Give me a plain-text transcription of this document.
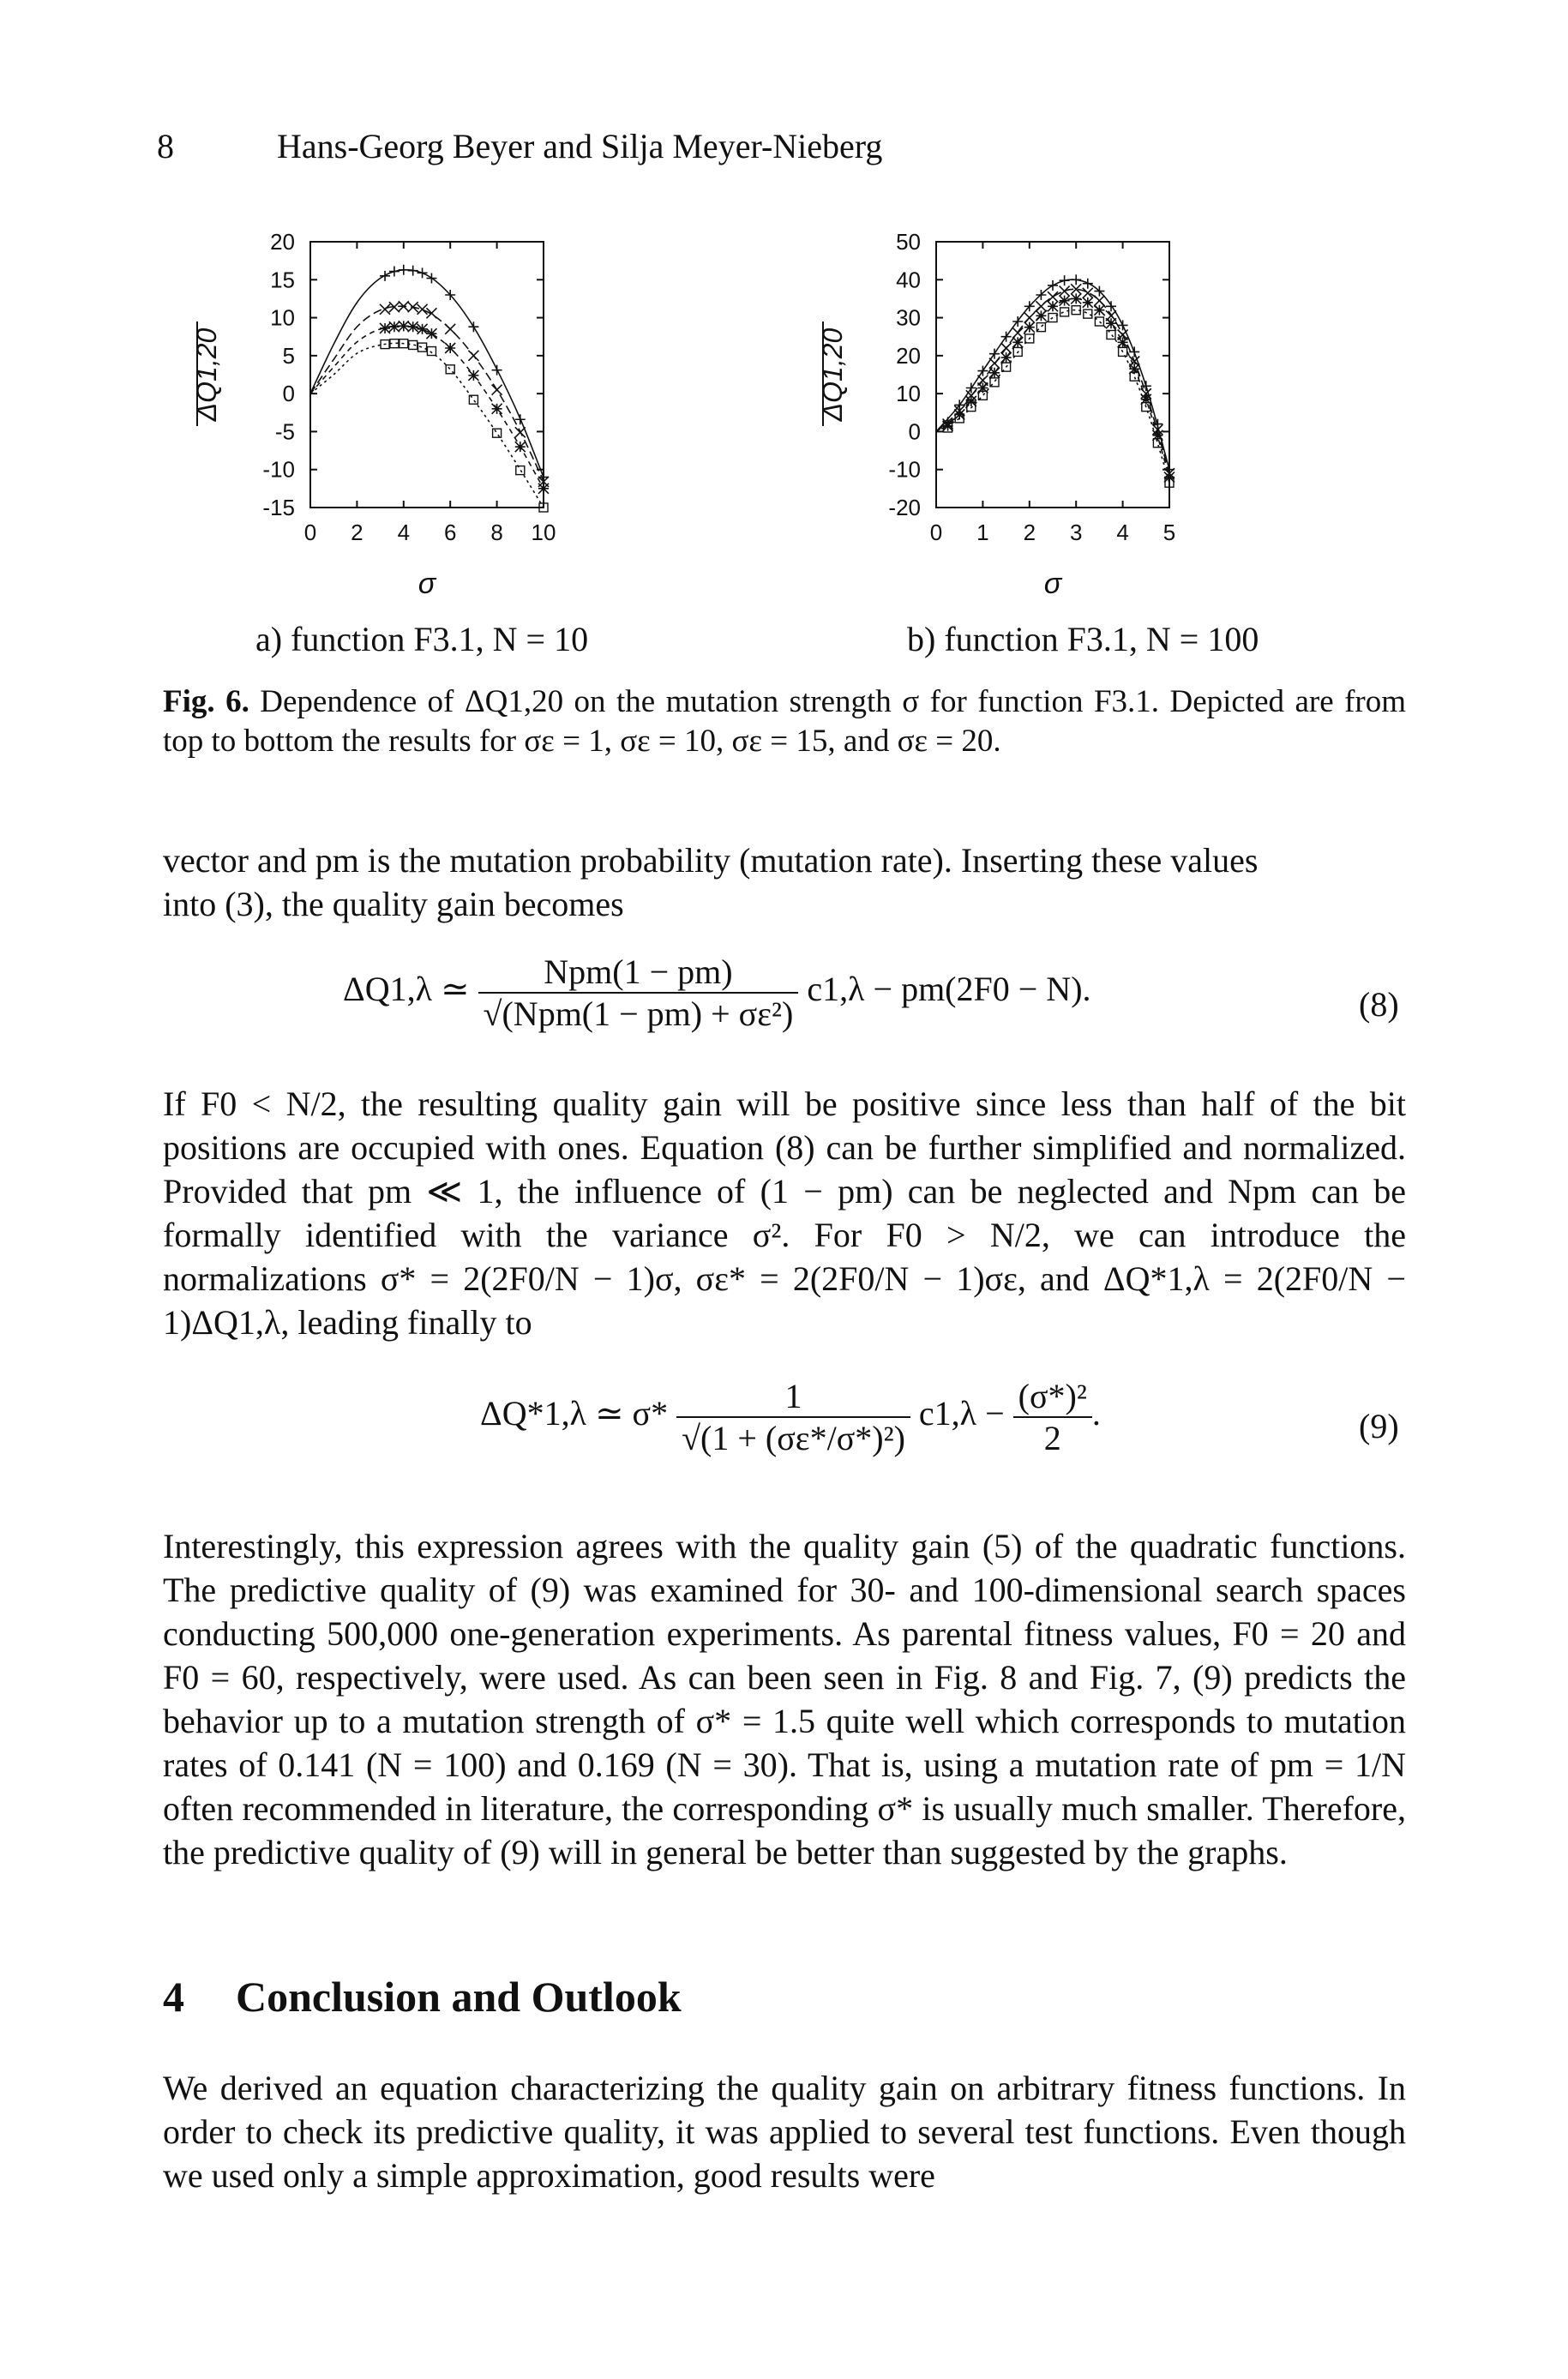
8	Hans-Georg Beyer and Silja Meyer-Nieberg
20
15
10
5
0
-5
-10
-15
0 2 4 6 8 10
σ
ΔQ1,20
50
40
30
20
10
0
-10
-20
0 1 2 3 4 5
σ
ΔQ1,20
a) function F3.1, N = 10	b) function F3.1, N = 100
Fig. 6. Dependence of ΔQ1,20 on the mutation strength σ for function F3.1. Depicted are from top to bottom the results for σε = 1, σε = 10, σε = 15, and σε = 20.
vector and pm is the mutation probability (mutation rate). Inserting these values
into (3), the quality gain becomes
ΔQ1,λ ≃ $\frac{\text{Npm(1 − pm)}}{\text{√(Npm(1 − pm) + σε²)}} c1,\lambda - pm(2F0 - N)$.	(8)
If F0 < N/2, the resulting quality gain will be positive since less than half of the bit positions are occupied with ones. Equation (8) can be further simplified and normalized. Provided that pm ≪ 1, the influence of (1 − pm) can be neglected and Npm can be formally identified with the variance σ². For F0 > N/2, we can introduce the normalizations σ* = 2(2F0/N − 1)σ, σε* = 2(2F0/N − 1)σε, and ΔQ*1,λ = 2(2F0/N − 1)ΔQ1,λ, leading finally to
ΔQ*1,λ ≃ $\sigma* \frac{1}{\text{√(1 + (σε*/σ*)²)}} c1,\lambda - \frac{\text{(σ*)²}}{2}$ .	(9)
Interestingly, this expression agrees with the quality gain (5) of the quadratic functions. The predictive quality of (9) was examined for 30- and 100-dimensional search spaces conducting 500,000 one-generation experiments. As parental fitness values, F0 = 20 and F0 = 60, respectively, were used. As can been seen in Fig. 8 and Fig. 7, (9) predicts the behavior up to a mutation strength of σ* = 1.5 quite well which corresponds to mutation rates of 0.141 (N = 100) and 0.169 (N = 30). That is, using a mutation rate of pm = 1/N often recommended in literature, the corresponding σ* is usually much smaller. Therefore, the predictive quality of (9) will in general be better than suggested by the graphs.
4 Conclusion and Outlook
We derived an equation characterizing the quality gain on arbitrary fitness functions. In order to check its predictive quality, it was applied to several test functions. Even though we used only a simple approximation, good results were
